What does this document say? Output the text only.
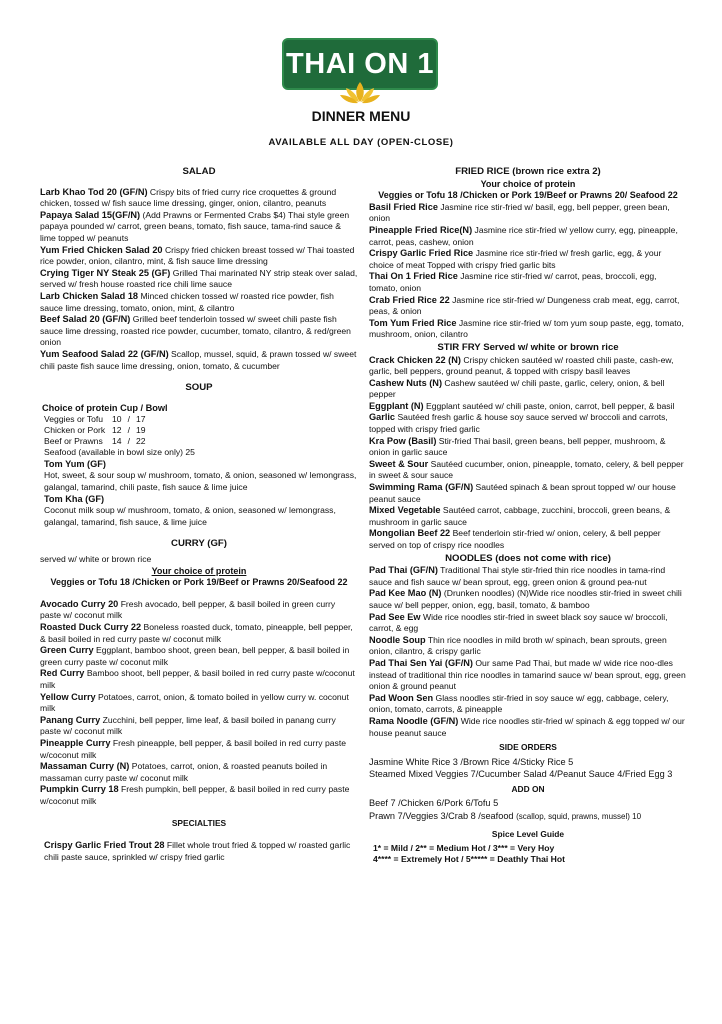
THAI ON 1
DINNER MENU
AVAILABLE ALL DAY (OPEN-CLOSE)
SALAD

Larb Khao Tod 20 (GF/N) Crispy bits of fried curry rice croquettes & ground chicken, tossed w/ fish sauce lime dressing, ginger, onion, cilantro, peanuts

Papaya Salad 15(GF/N) (Add Prawns or Fermented Crabs $4) Thai style green papaya pounded w/ carrot, green beans, tomato, fish sauce, tama-rind sauce & lime topped w/ peanuts

Yum Fried Chicken Salad 20 Crispy fried chicken breast tossed w/ Thai toasted rice powder, onion, cilantro, mint, & fish sauce lime dressing

Crying Tiger NY Steak 25 (GF) Grilled Thai marinated NY strip steak over salad, served w/ fresh house roasted rice chili lime sauce

Larb Chicken Salad 18 Minced chicken tossed w/ roasted rice powder, fish sauce lime dressing, tomato, onion, mint, & cilantro

Beef Salad 20 (GF/N) Grilled beef tenderloin tossed w/ sweet chili paste fish sauce lime dressing, roasted rice powder, cucumber, tomato, cilantro, & red/green onion

Yum Seafood Salad 22 (GF/N) Scallop, mussel, squid, & prawn tossed w/ sweet chili paste fish sauce lime dressing, onion, tomato, & cucumber

SOUP
Choice of protein Cup / Bowl
Veggies or Tofu	10	/	17
Chicken or Pork	12	/	19
Beef or Prawns	14	/	22
Seafood (available in bowl size only) 25

Tom Yum (GF)
Hot, sweet, & sour soup w/ mushroom, tomato, & onion, seasoned w/ lemongrass, galangal, tamarind, chili paste, fish sauce & lime juice

Tom Kha (GF)
Coconut milk soup w/ mushroom, tomato, & onion, seasoned w/ lemongrass, galangal, tamarind, fish sauce, & lime juice

CURRY (GF)
served w/ white or brown rice
Your choice of protein
Veggies or Tofu 18 /Chicken or Pork 19/Beef or Prawns 20/Seafood 22

Avocado Curry 20 Fresh avocado, bell pepper, & basil boiled in green curry paste w/ coconut milk

Roasted Duck Curry 22 Boneless roasted duck, tomato, pineapple, bell pepper, & basil boiled in red curry paste w/ coconut milk

Green Curry Eggplant, bamboo shoot, green bean, bell pepper, & basil boiled in green curry paste w/ coconut milk

Red Curry Bamboo shoot, bell pepper, & basil boiled in red curry paste w/coconut milk

Yellow Curry Potatoes, carrot, onion, & tomato boiled in yellow curry w. coconut milk

Panang Curry Zucchini, bell pepper, lime leaf, & basil boiled in panang curry paste w/ coconut milk

Pineapple Curry Fresh pineapple, bell pepper, & basil boiled in red curry paste w/coconut milk

Massaman Curry (N) Potatoes, carrot, onion, & roasted peanuts boiled in massaman curry paste w/ coconut milk

Pumpkin Curry 18 Fresh pumpkin, bell pepper, & basil boiled in red curry paste w/coconut milk

SPECIALTIES

Crispy Garlic Fried Trout 28 Fillet whole trout fried & topped w/ roasted garlic chili paste sauce, sprinkled w/ crispy fried garlic

FRIED RICE (brown rice extra 2)
Your choice of protein
Veggies or Tofu 18 /Chicken or Pork 19/Beef or Prawns 20/ Seafood 22

Basil Fried Rice Jasmine rice stir-fried w/ basil, egg, bell pepper, green bean, onion

Pineapple Fried Rice(N) Jasmine rice stir-fried w/ yellow curry, egg, pineapple, carrot, peas, cashew, onion

Crispy Garlic Fried Rice Jasmine rice stir-fried w/ fresh garlic, egg, & your choice of meat Topped with crispy fried garlic bits

Thai On 1 Fried Rice Jasmine rice stir-fried w/ carrot, peas, broccoli, egg, tomato, onion

Crab Fried Rice 22 Jasmine rice stir-fried w/ Dungeness crab meat, egg, carrot, peas, & onion

Tom Yum Fried Rice Jasmine rice stir-fried w/ tom yum soup paste, egg, tomato, mushroom, onion, cilantro

STIR FRY Served w/ white or brown rice

Crack Chicken 22 (N) Crispy chicken sautéed w/ roasted chili paste, cash-ew, garlic, bell peppers, ground peanut, & topped with crispy basil leaves

Cashew Nuts (N) Cashew sautéed w/ chili paste, garlic, celery, onion, & bell pepper

Eggplant (N) Eggplant sautéed w/ chili paste, onion, carrot, bell pepper, & basil

Garlic Sautéed fresh garlic & house soy sauce served w/ broccoli and carrots, topped with crispy fried garlic

Kra Pow (Basil) Stir-fried Thai basil, green beans, bell pepper, mushroom, & onion in garlic sauce

Sweet & Sour Sautéed cucumber, onion, pineapple, tomato, celery, & bell pepper in sweet & sour sauce

Swimming Rama (GF/N) Sautéed spinach & bean sprout topped w/ our house peanut sauce

Mixed Vegetable Sautéed carrot, cabbage, zucchini, broccoli, green beans, & mushroom in garlic sauce

Mongolian Beef 22 Beef tenderloin stir-fried w/ onion, celery, & bell pepper served on top of crispy rice noodles

NOODLES (does not come with rice)

Pad Thai (GF/N) Traditional Thai style stir-fried thin rice noodles in tama-rind sauce and fish sauce w/ bean sprout, egg, green onion & ground pea-nut

Pad Kee Mao (N) (Drunken noodles) (N)Wide rice noodles stir-fried in sweet chili sauce w/ bell pepper, onion, egg, basil, tomato, & bamboo

Pad See Ew Wide rice noodles stir-fried in sweet black soy sauce w/ broccoli, carrot, & egg

Noodle Soup Thin rice noodles in mild broth w/ spinach, bean sprouts, green onion, cilantro, & crispy garlic

Pad Thai Sen Yai (GF/N) Our same Pad Thai, but made w/ wide rice noo-dles instead of traditional thin rice noodles in tamarind sauce w/ bean sprout, egg, green onion & ground peanut

Pad Woon Sen Glass noodles stir-fried in soy sauce w/ egg, cabbage, celery, onion, tomato, carrots, & pineapple

Rama Noodle (GF/N) Wide rice noodles stir-fried w/ spinach & egg topped w/ our house peanut sauce

SIDE ORDERS
Jasmine White Rice 3 /Brown Rice 4/Sticky Rice 5
Steamed Mixed Veggies 7/Cucumber Salad 4/Peanut Sauce 4/Fried Egg 3
ADD ON
Beef 7 /Chicken 6/Pork 6/Tofu 5
Prawn 7/Veggies 3/Crab 8 /seafood (scallop, squid, prawns, mussel) 10
Spice Level Guide
1* = Mild / 2** = Medium Hot / 3*** = Very Hoy
4**** = Extremely Hot / 5***** = Deathly Thai Hot
